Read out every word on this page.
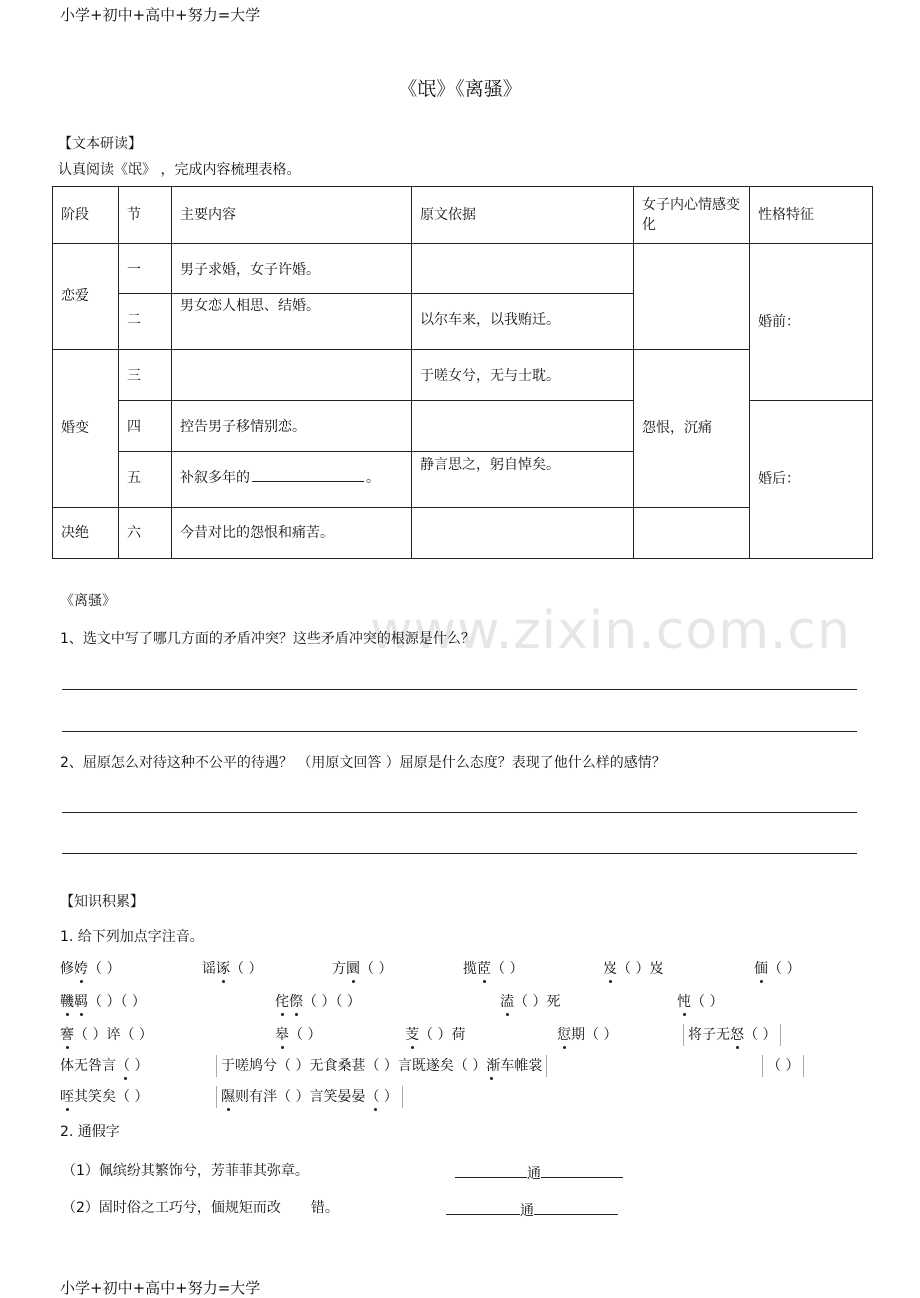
小学+初中+高中+努力=大学
www.zixin.com.cn
《氓》《离骚》
【文本研读】
认真阅读《氓》 ，完成内容梳理表格。
阶段	节	主要内容	原文依据	女子内心情感变化	性格特征
恋爱	一	男子求婚，女子许婚。			婚前：
	二	男女恋人相思、结婚。	以尔车来，以我贿迁。		
婚变	三		于嗟女兮，无与士耽。	怨恨，沉痛	
	四	控告男子移情别恋。			婚后：
	五	补叙多年的 。	静言思之，躬自悼矣。		
决绝	六	今昔对比的怨恨和痛苦。			
《离骚》
1、选文中写了哪几方面的矛盾冲突？这些矛盾冲突的根源是什么？
2、屈原怎么对待这种不公平的待遇？ （用原文回答 ）屈原是什么态度？表现了他什么样的感情？
【知识积累】
1. 给下列加点字注音。
修姱（ ）	谣诼（ ）	方圜（ ）	揽茝（ ）	岌（ ）岌	偭（ ）
鞿羁（ ）（ ）	侘傺（ ）（ ）	溘（ ）死	忳（ ）
謇（ ）谇（ ）	皋（ ）	芰（ ）荷	愆期（ ）	将子无怒（ ）
体无咎言（ ）	于嗟鸠兮（ ）无食桑葚（ ）言既遂矣（ ）渐车帷裳	（ ）
咥其笑矣（ ）	隰则有泮（ ）言笑晏晏（ ）
2. 通假字
（1）佩缤纷其繁饰兮，芳菲菲其弥章。	通
（2）固时俗之工巧兮，偭规矩而改 错。	通
小学+初中+高中+努力=大学
